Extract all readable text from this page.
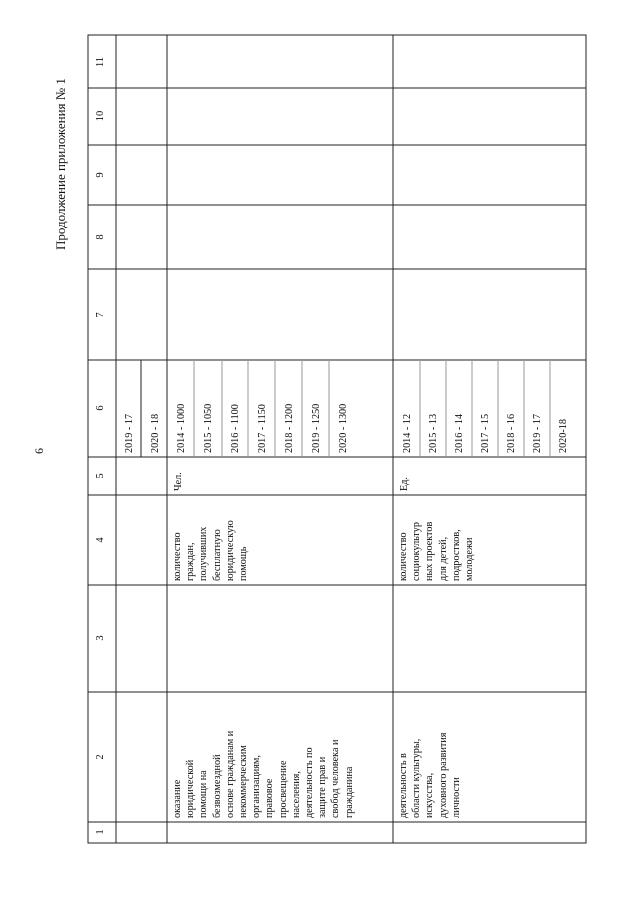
6
Продолжение приложения № 1
1
2
3
4
5
6
7
8
9
10
11
2019 - 17 2020 - 18
оказание юридической помощи на безвозмездной основе гражданам и некоммерческим организациям, правовое просвещение населения, деятельность по защите прав и свобод человека и гражданина
количество граждан, получивших бесплатную юридическую помощь
Чел.
2014 - 1000 2015 - 1050 2016 - 1100 2017 - 1150 2018 - 1200 2019 - 1250 2020 - 1300
деятельность в области культуры, искусства, духовного развития личности
количество социокультур ных проектов для детей, подростков, молодежи
Ед.
2014 - 12 2015 - 13 2016 - 14 2017 - 15 2018 - 16 2019 - 17 2020-18
